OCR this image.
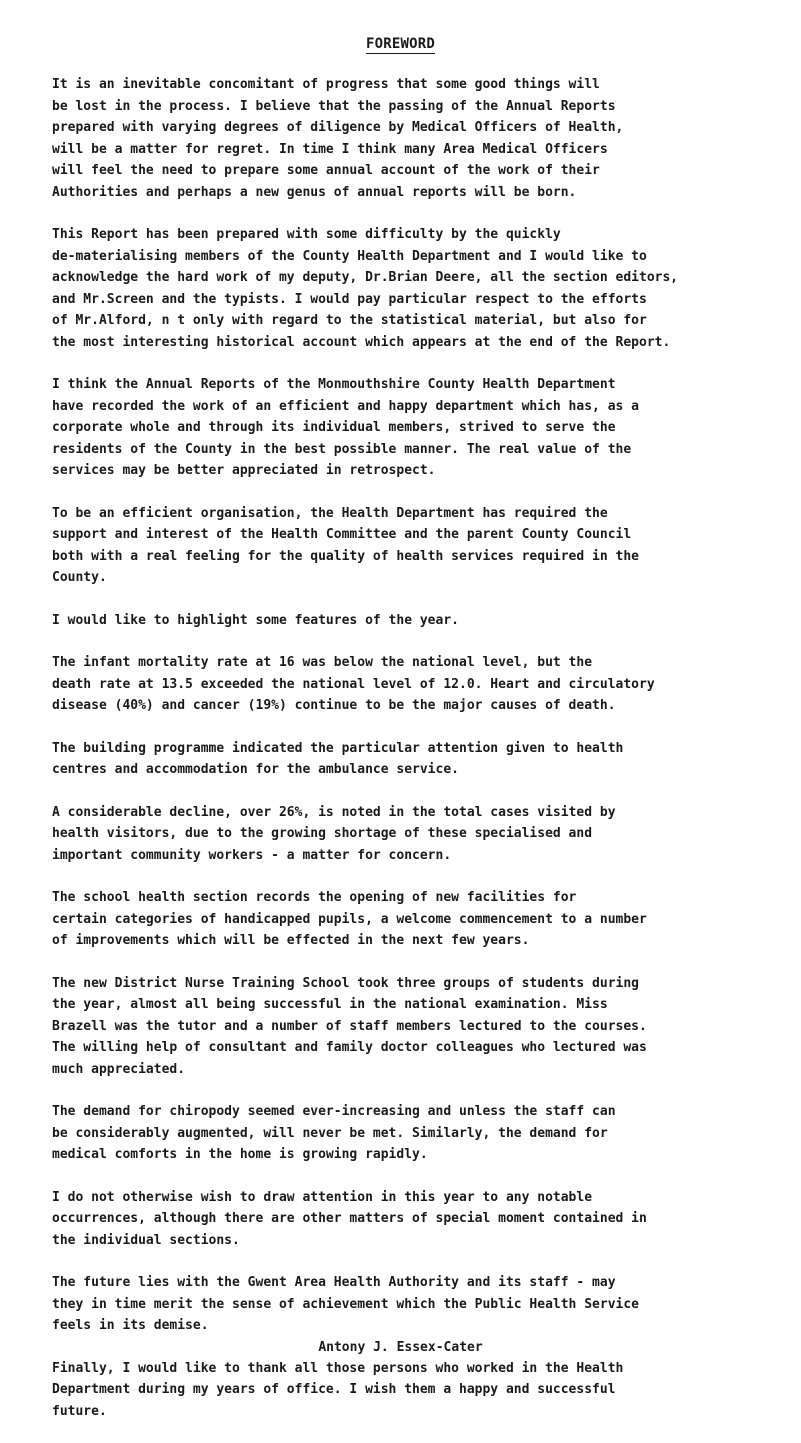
FOREWORD

It is an inevitable concomitant of progress that some good things will
be lost in the process. I believe that the passing of the Annual Reports
prepared with varying degrees of diligence by Medical Officers of Health,
will be a matter for regret. In time I think many Area Medical Officers
will feel the need to prepare some annual account of the work of their
Authorities and perhaps a new genus of annual reports will be born.

This Report has been prepared with some difficulty by the quickly
de-materialising members of the County Health Department and I would like to
acknowledge the hard work of my deputy, Dr.Brian Deere, all the section editors,
and Mr.Screen and the typists. I would pay particular respect to the efforts
of Mr.Alford, n t only with regard to the statistical material, but also for
the most interesting historical account which appears at the end of the Report.

I think the Annual Reports of the Monmouthshire County Health Department
have recorded the work of an efficient and happy department which has, as a
corporate whole and through its individual members, strived to serve the
residents of the County in the best possible manner. The real value of the
services may be better appreciated in retrospect.

To be an efficient organisation, the Health Department has required the
support and interest of the Health Committee and the parent County Council
both with a real feeling for the quality of health services required in the
County.

I would like to highlight some features of the year.

The infant mortality rate at 16 was below the national level, but the
death rate at 13.5 exceeded the national level of 12.0. Heart and circulatory
disease (40%) and cancer (19%) continue to be the major causes of death.

The building programme indicated the particular attention given to health
centres and accommodation for the ambulance service.

A considerable decline, over 26%, is noted in the total cases visited by
health visitors, due to the growing shortage of these specialised and
important community workers - a matter for concern.

The school health section records the opening of new facilities for
certain categories of handicapped pupils, a welcome commencement to a number
of improvements which will be effected in the next few years.

The new District Nurse Training School took three groups of students during
the year, almost all being successful in the national examination. Miss
Brazell was the tutor and a number of staff members lectured to the courses.
The willing help of consultant and family doctor colleagues who lectured was
much appreciated.

The demand for chiropody seemed ever-increasing and unless the staff can
be considerably augmented, will never be met. Similarly, the demand for
medical comforts in the home is growing rapidly.

I do not otherwise wish to draw attention in this year to any notable
occurrences, although there are other matters of special moment contained in
the individual sections.

The future lies with the Gwent Area Health Authority and its staff - may
they in time merit the sense of achievement which the Public Health Service
feels in its demise.

Finally, I would like to thank all those persons who worked in the Health
Department during my years of office. I wish them a happy and successful
future.

Antony J. Essex-Cater
